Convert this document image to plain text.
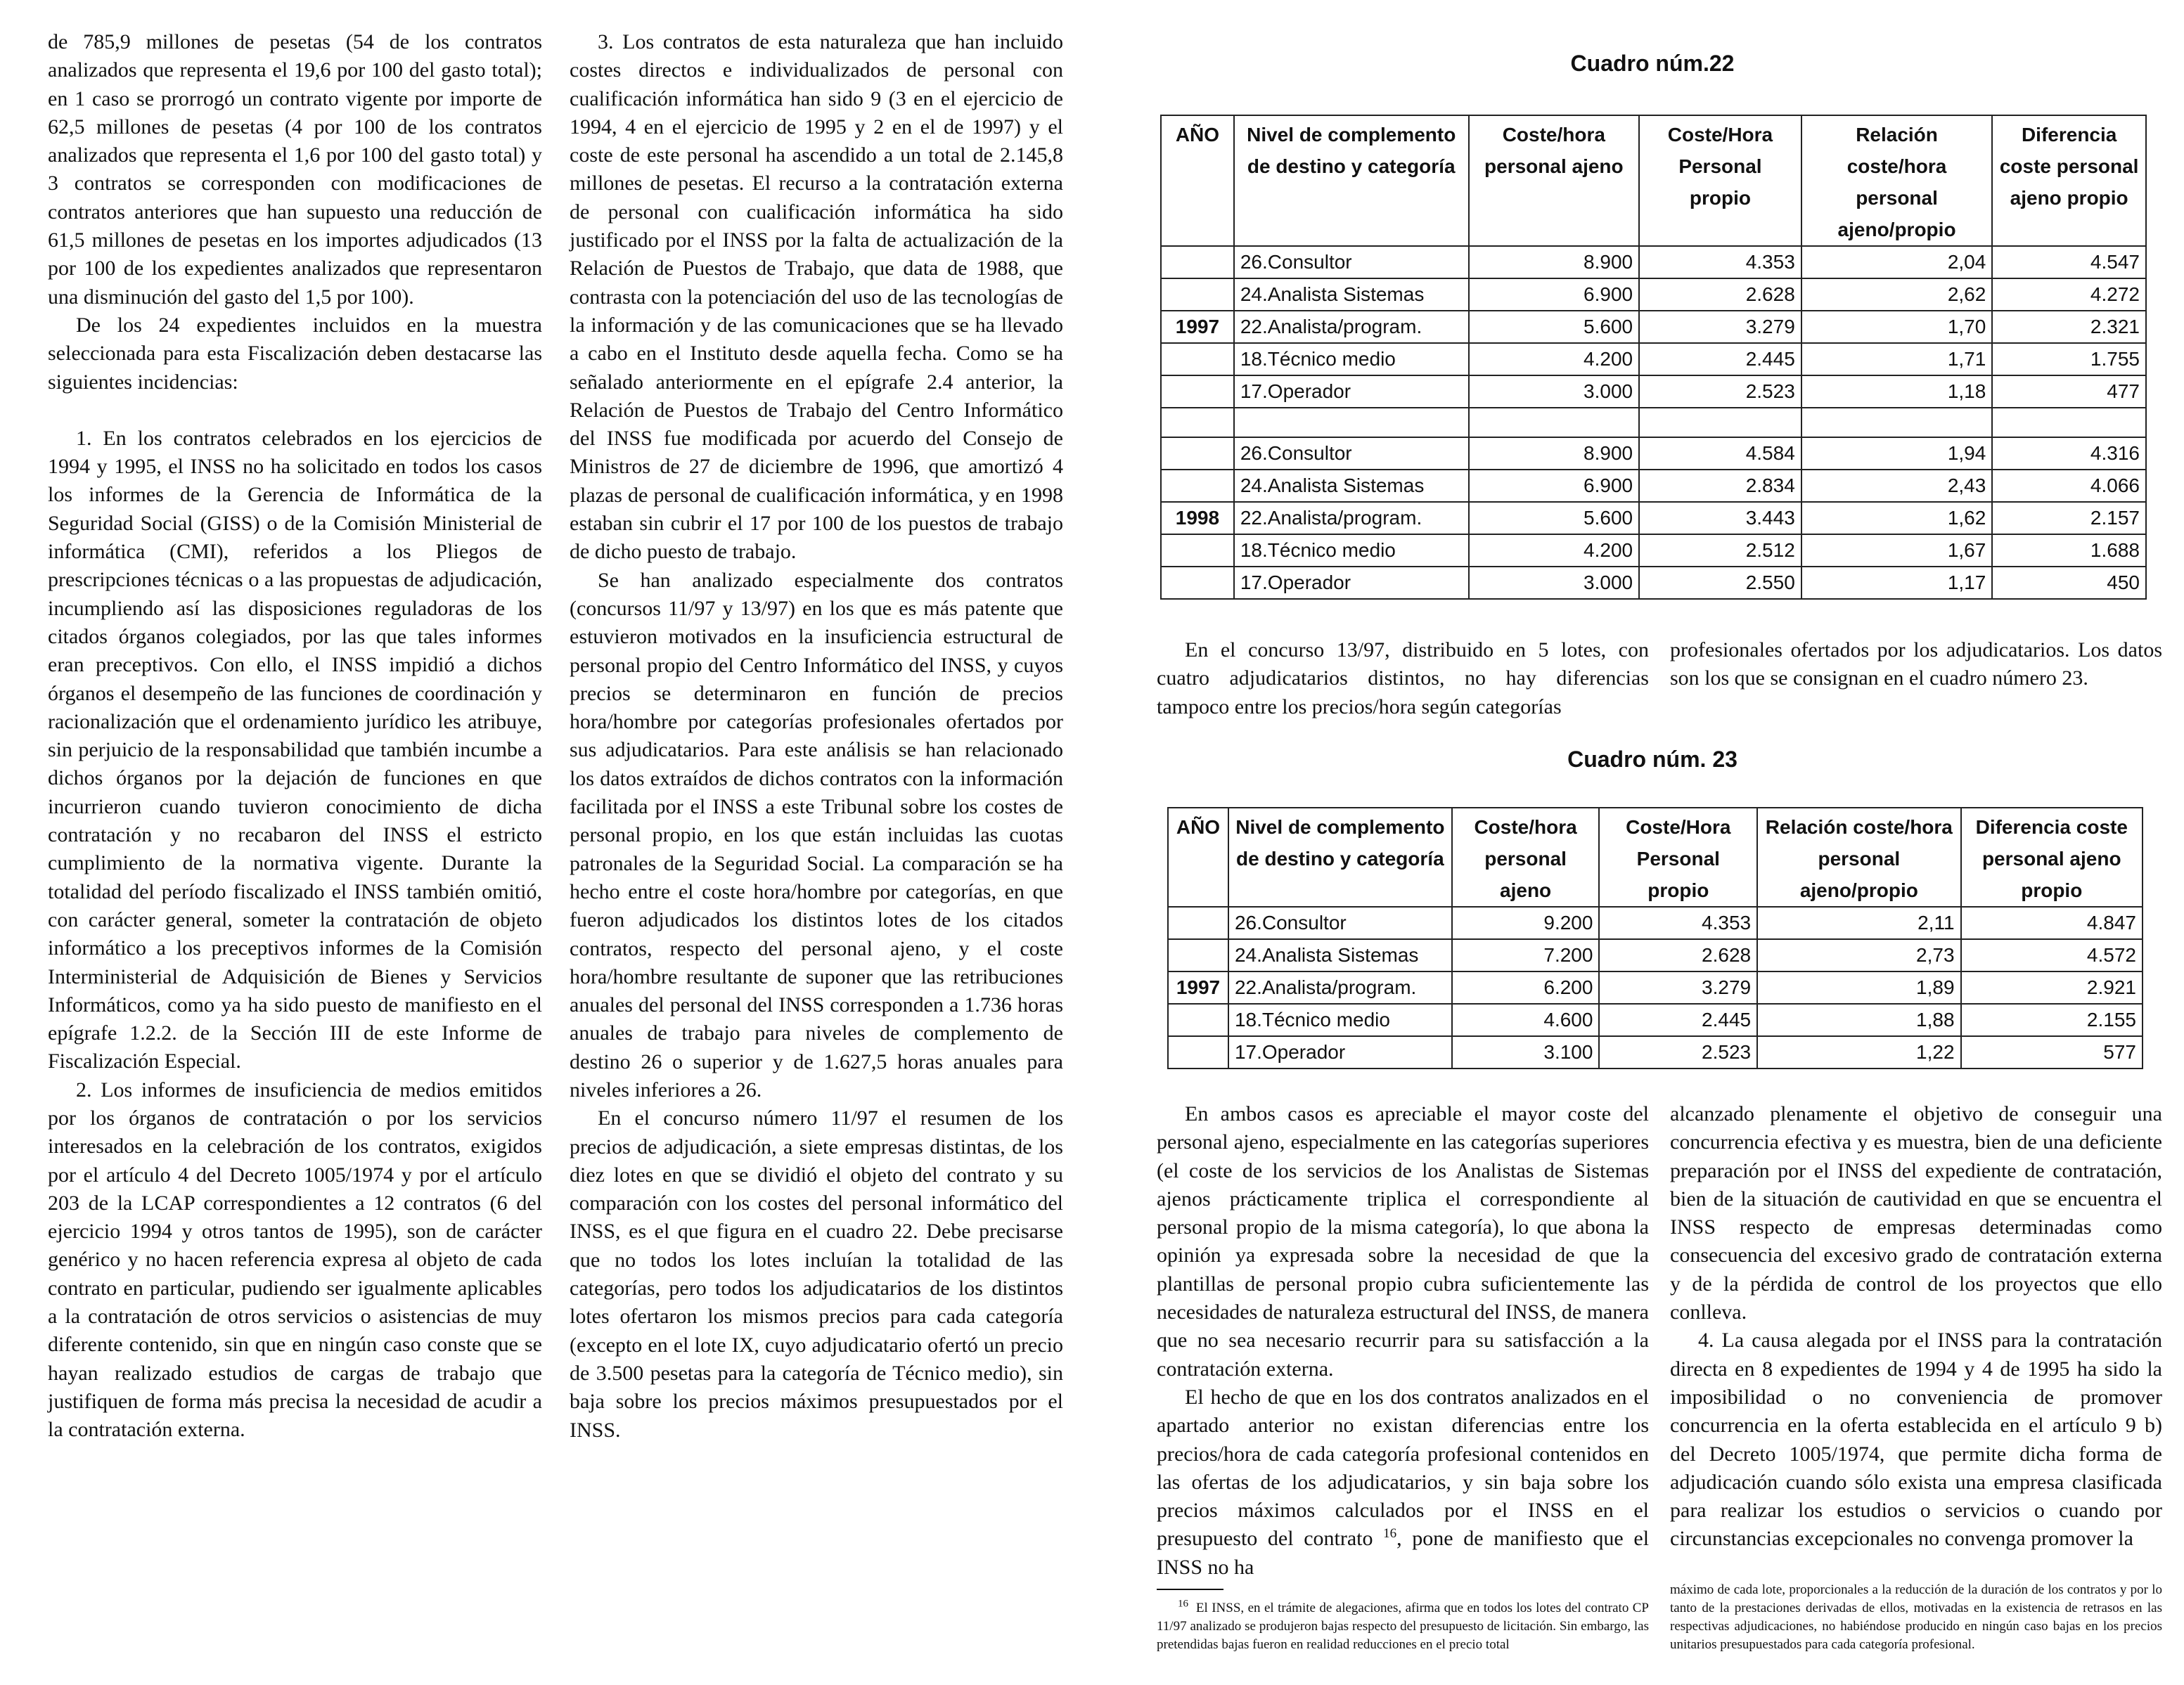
de 785,9 millones de pesetas (54 de los contratos analizados que representa el 19,6 por 100 del gasto total); en 1 caso se prorrogó un contrato vigente por importe de 62,5 millones de pesetas (4 por 100 de los contratos analizados que representa el 1,6 por 100 del gasto total) y 3 contratos se corresponden con modificaciones de contratos anteriores que han supuesto una reducción de 61,5 millones de pesetas en los importes adjudicados (13 por 100 de los expedientes analizados que representaron una disminución del gasto del 1,5 por 100).

De los 24 expedientes incluidos en la muestra seleccionada para esta Fiscalización deben destacarse las siguientes incidencias:

1. En los contratos celebrados en los ejercicios de 1994 y 1995, el INSS no ha solicitado en todos los casos los informes de la Gerencia de Informática de la Seguridad Social (GISS) o de la Comisión Ministerial de informática (CMI), referidos a los Pliegos de prescripciones técnicas o a las propuestas de adjudicación, incumpliendo así las disposiciones reguladoras de los citados órganos colegiados, por las que tales informes eran preceptivos. Con ello, el INSS impidió a dichos órganos el desempeño de las funciones de coordinación y racionalización que el ordenamiento jurídico les atribuye, sin perjuicio de la responsabilidad que también incumbe a dichos órganos por la dejación de funciones en que incurrieron cuando tuvieron conocimiento de dicha contratación y no recabaron del INSS el estricto cumplimiento de la normativa vigente. Durante la totalidad del período fiscalizado el INSS también omitió, con carácter general, someter la contratación de objeto informático a los preceptivos informes de la Comisión Interministerial de Adquisición de Bienes y Servicios Informáticos, como ya ha sido puesto de manifiesto en el epígrafe 1.2.2. de la Sección III de este Informe de Fiscalización Especial.

2. Los informes de insuficiencia de medios emitidos por los órganos de contratación o por los servicios interesados en la celebración de los contratos, exigidos por el artículo 4 del Decreto 1005/1974 y por el artículo 203 de la LCAP correspondientes a 12 contratos (6 del ejercicio 1994 y otros tantos de 1995), son de carácter genérico y no hacen referencia expresa al objeto de cada contrato en particular, pudiendo ser igualmente aplicables a la contratación de otros servicios o asistencias de muy diferente contenido, sin que en ningún caso conste que se hayan realizado estudios de cargas de trabajo que justifiquen de forma más precisa la necesidad de acudir a la contratación externa.

3. Los contratos de esta naturaleza que han incluido costes directos e individualizados de personal con cualificación informática han sido 9 (3 en el ejercicio de 1994, 4 en el ejercicio de 1995 y 2 en el de 1997) y el coste de este personal ha ascendido a un total de 2.145,8 millones de pesetas. El recurso a la contratación externa de personal con cualificación informática ha sido justificado por el INSS por la falta de actualización de la Relación de Puestos de Trabajo, que data de 1988, que contrasta con la potenciación del uso de las tecnologías de la información y de las comunicaciones que se ha llevado a cabo en el Instituto desde aquella fecha. Como se ha señalado anteriormente en el epígrafe 2.4 anterior, la Relación de Puestos de Trabajo del Centro Informático del INSS fue modificada por acuerdo del Consejo de Ministros de 27 de diciembre de 1996, que amortizó 4 plazas de personal de cualificación informática, y en 1998 estaban sin cubrir el 17 por 100 de los puestos de trabajo de dicho puesto de trabajo.

Se han analizado especialmente dos contratos (concursos 11/97 y 13/97) en los que es más patente que estuvieron motivados en la insuficiencia estructural de personal propio del Centro Informático del INSS, y cuyos precios se determinaron en función de precios hora/hombre por categorías profesionales ofertados por sus adjudicatarios. Para este análisis se han relacionado los datos extraídos de dichos contratos con la información facilitada por el INSS a este Tribunal sobre los costes de personal propio, en los que están incluidas las cuotas patronales de la Seguridad Social. La comparación se ha hecho entre el coste hora/hombre por categorías, en que fueron adjudicados los distintos lotes de los citados contratos, respecto del personal ajeno, y el coste hora/hombre resultante de suponer que las retribuciones anuales del personal del INSS corresponden a 1.736 horas anuales de trabajo para niveles de complemento de destino 26 o superior y de 1.627,5 horas anuales para niveles inferiores a 26.

En el concurso número 11/97 el resumen de los precios de adjudicación, a siete empresas distintas, de los diez lotes en que se dividió el objeto del contrato y su comparación con los costes del personal informático del INSS, es el que figura en el cuadro 22. Debe precisarse que no todos los lotes incluían la totalidad de las categorías, pero todos los adjudicatarios de los distintos lotes ofertaron los mismos precios para cada categoría (excepto en el lote IX, cuyo adjudicatario ofertó un precio de 3.500 pesetas para la categoría de Técnico medio), sin baja sobre los precios máximos presupuestados por el INSS.

Cuadro núm.22
AÑO	Nivel de complemento de destino y categoría	Coste/hora personal ajeno	Coste/Hora Personal propio	Relación coste/hora personal ajeno/propio	Diferencia coste personal ajeno propio
	26.Consultor	8.900	4.353	2,04	4.547
	24.Analista Sistemas	6.900	2.628	2,62	4.272
1997	22.Analista/program.	5.600	3.279	1,70	2.321
	18.Técnico medio	4.200	2.445	1,71	1.755
	17.Operador	3.000	2.523	1,18	477

	26.Consultor	8.900	4.584	1,94	4.316
	24.Analista Sistemas	6.900	2.834	2,43	4.066
1998	22.Analista/program.	5.600	3.443	1,62	2.157
	18.Técnico medio	4.200	2.512	1,67	1.688
	17.Operador	3.000	2.550	1,17	450

En el concurso 13/97, distribuido en 5 lotes, con cuatro adjudicatarios distintos, no hay diferencias tampoco entre los precios/hora según categorías

profesionales ofertados por los adjudicatarios. Los datos son los que se consignan en el cuadro número 23.

Cuadro núm. 23
AÑO	Nivel de complemento de destino y categoría	Coste/hora personal ajeno	Coste/Hora Personal propio	Relación coste/hora personal ajeno/propio	Diferencia coste personal ajeno propio
	26.Consultor	9.200	4.353	2,11	4.847
	24.Analista Sistemas	7.200	2.628	2,73	4.572
1997	22.Analista/program.	6.200	3.279	1,89	2.921
	18.Técnico medio	4.600	2.445	1,88	2.155
	17.Operador	3.100	2.523	1,22	577

En ambos casos es apreciable el mayor coste del personal ajeno, especialmente en las categorías superiores (el coste de los servicios de los Analistas de Sistemas ajenos prácticamente triplica el correspondiente al personal propio de la misma categoría), lo que abona la opinión ya expresada sobre la necesidad de que la plantillas de personal propio cubra suficientemente las necesidades de naturaleza estructural del INSS, de manera que no sea necesario recurrir para su satisfacción a la contratación externa.

El hecho de que en los dos contratos analizados en el apartado anterior no existan diferencias entre los precios/hora de cada categoría profesional contenidos en las ofertas de los adjudicatarios, y sin baja sobre los precios máximos calculados por el INSS en el presupuesto del contrato $^{16}$, pone de manifiesto que el INSS no ha

alcanzado plenamente el objetivo de conseguir una concurrencia efectiva y es muestra, bien de una deficiente preparación por el INSS del expediente de contratación, bien de la situación de cautividad en que se encuentra el INSS respecto de empresas determinadas como consecuencia del excesivo grado de contratación externa y de la pérdida de control de los proyectos que ello conlleva.

4. La causa alegada por el INSS para la contratación directa en 8 expedientes de 1994 y 4 de 1995 ha sido la imposibilidad o no conveniencia de promover concurrencia en la oferta establecida en el artículo 9 b) del Decreto 1005/1974, que permite dicha forma de adjudicación cuando sólo exista una empresa clasificada para realizar los estudios o servicios o cuando por circunstancias excepcionales no convenga promover la

$^{16}$ El INSS, en el trámite de alegaciones, afirma que en todos los lotes del contrato CP 11/97 analizado se produjeron bajas respecto del presupuesto de licitación. Sin embargo, las pretendidas bajas fueron en realidad reducciones en el precio total
máximo de cada lote, proporcionales a la reducción de la duración de los contratos y por lo tanto de la prestaciones derivadas de ellos, motivadas en la existencia de retrasos en las respectivas adjudicaciones, no habiéndose producido en ningún caso bajas en los precios unitarios presupuestados para cada categoría profesional.
